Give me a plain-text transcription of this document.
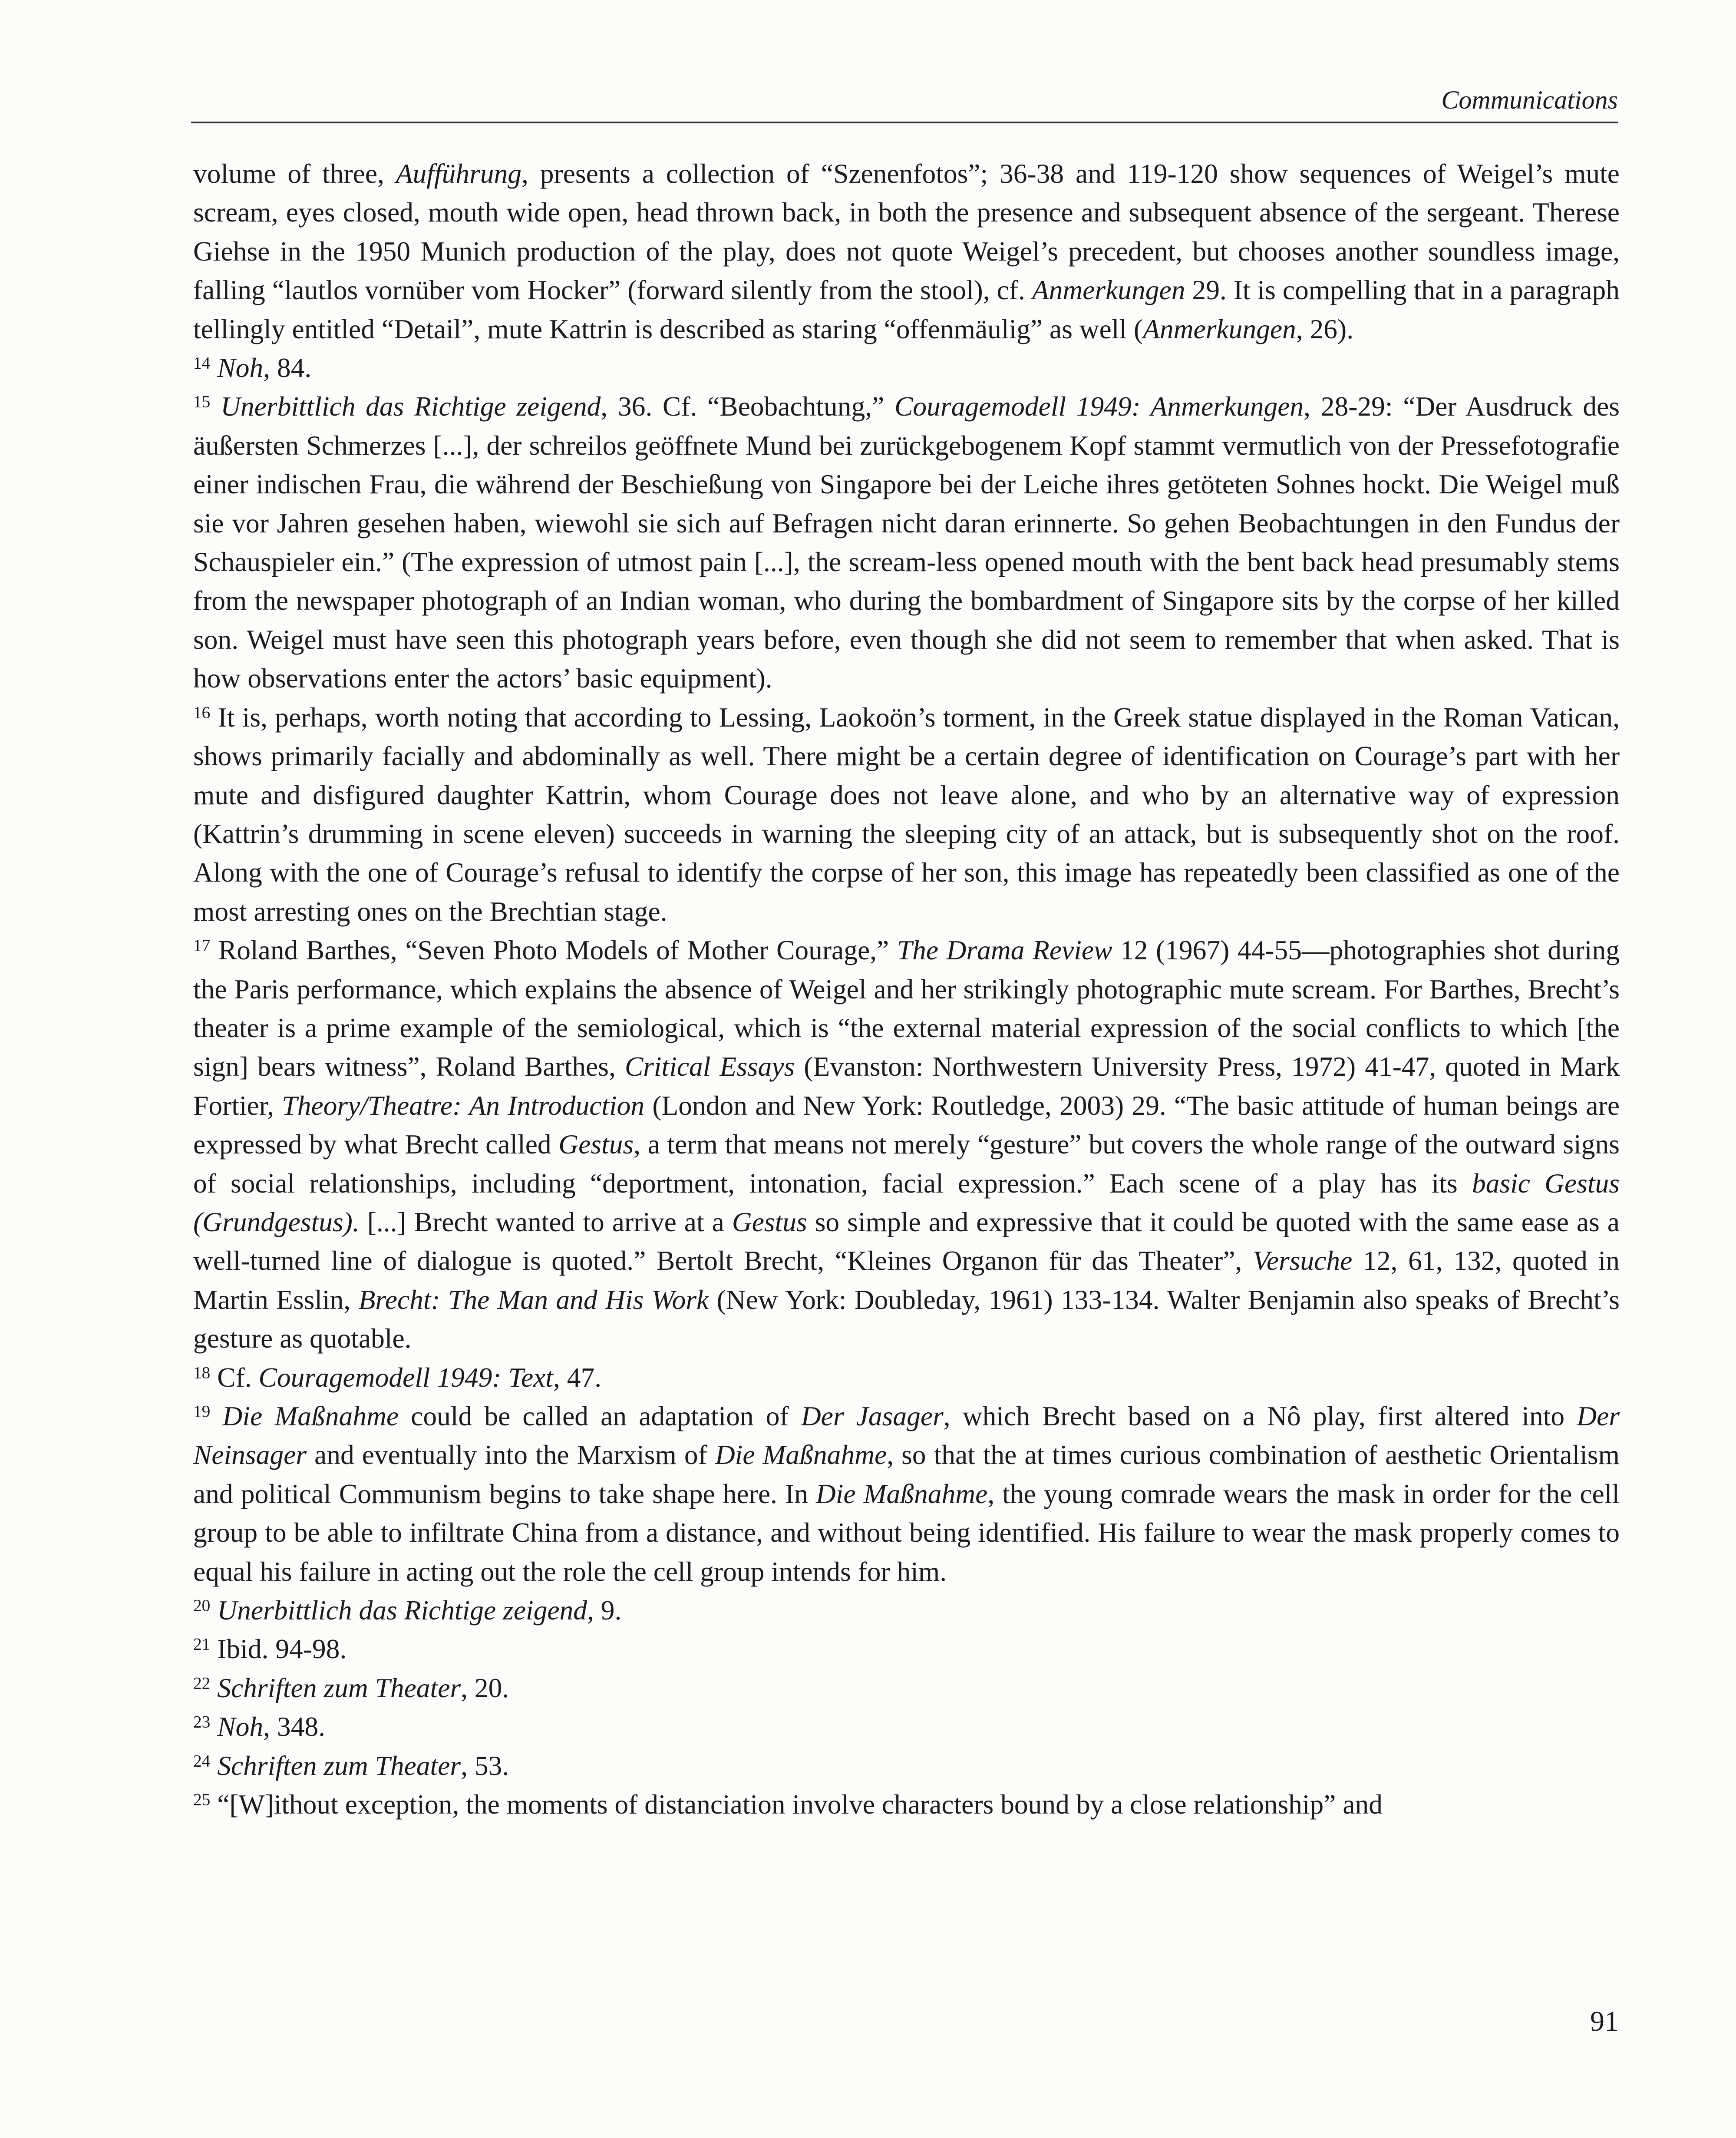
Communications

volume of three, Aufführung, presents a collection of “Szenenfotos”; 36-38 and 119-120 show sequences of Weigel’s mute scream, eyes closed, mouth wide open, head thrown back, in both the presence and subsequent absence of the sergeant. Therese Giehse in the 1950 Munich production of the play, does not quote Weigel’s precedent, but chooses another soundless image, falling “lautlos vornüber vom Hocker” (forward silently from the stool), cf. Anmerkungen 29. It is compelling that in a paragraph tellingly entitled “Detail”, mute Kattrin is described as staring “offenmäulig” as well (Anmerkungen, 26).

$^{14}$ Noh, 84.

$^{15}$ Unerbittlich das Richtige zeigend, 36. Cf. “Beobachtung,” Couragemodell 1949: Anmerkungen, 28-29: “Der Ausdruck des äußersten Schmerzes [...], der schreilos geöffnete Mund bei zurückgebogenem Kopf stammt vermutlich von der Pressefotografie einer indischen Frau, die während der Beschießung von Singapore bei der Leiche ihres getöteten Sohnes hockt. Die Weigel muß sie vor Jahren gesehen haben, wiewohl sie sich auf Befragen nicht daran erinnerte. So gehen Beobachtungen in den Fundus der Schauspieler ein.” (The expression of utmost pain [...], the scream-less opened mouth with the bent back head presumably stems from the newspaper photograph of an Indian woman, who during the bombardment of Singapore sits by the corpse of her killed son. Weigel must have seen this photograph years before, even though she did not seem to remember that when asked. That is how observations enter the actors’ basic equipment).

$^{16}$ It is, perhaps, worth noting that according to Lessing, Laokoön’s torment, in the Greek statue displayed in the Roman Vatican, shows primarily facially and abdominally as well. There might be a certain degree of identification on Courage’s part with her mute and disfigured daughter Kattrin, whom Courage does not leave alone, and who by an alternative way of expression (Kattrin’s drumming in scene eleven) succeeds in warning the sleeping city of an attack, but is subsequently shot on the roof. Along with the one of Courage’s refusal to identify the corpse of her son, this image has repeatedly been classified as one of the most arresting ones on the Brechtian stage.

$^{17}$ Roland Barthes, “Seven Photo Models of Mother Courage,” The Drama Review 12 (1967) 44-55—photographies shot during the Paris performance, which explains the absence of Weigel and her strikingly photographic mute scream. For Barthes, Brecht’s theater is a prime example of the semiological, which is “the external material expression of the social conflicts to which [the sign] bears witness”, Roland Barthes, Critical Essays (Evanston: Northwestern University Press, 1972) 41-47, quoted in Mark Fortier, Theory/Theatre: An Introduction (London and New York: Routledge, 2003) 29. “The basic attitude of human beings are expressed by what Brecht called Gestus, a term that means not merely “gesture” but covers the whole range of the outward signs of social relationships, including “deportment, intonation, facial expression.” Each scene of a play has its basic Gestus (Grundgestus). [...] Brecht wanted to arrive at a Gestus so simple and expressive that it could be quoted with the same ease as a well-turned line of dialogue is quoted.” Bertolt Brecht, “Kleines Organon für das Theater”, Versuche 12, 61, 132, quoted in Martin Esslin, Brecht: The Man and His Work (New York: Doubleday, 1961) 133-134. Walter Benjamin also speaks of Brecht’s gesture as quotable.

$^{18}$ Cf. Couragemodell 1949: Text, 47.

$^{19}$ Die Maßnahme could be called an adaptation of Der Jasager, which Brecht based on a Nô play, first altered into Der Neinsager and eventually into the Marxism of Die Maßnahme, so that the at times curious combination of aesthetic Orientalism and political Communism begins to take shape here. In Die Maßnahme, the young comrade wears the mask in order for the cell group to be able to infiltrate China from a distance, and without being identified. His failure to wear the mask properly comes to equal his failure in acting out the role the cell group intends for him.

$^{20}$ Unerbittlich das Richtige zeigend, 9.

$^{21}$ Ibid. 94-98.

$^{22}$ Schriften zum Theater, 20.

$^{23}$ Noh, 348.

$^{24}$ Schriften zum Theater, 53.

$^{25}$ “[W]ithout exception, the moments of distanciation involve characters bound by a close relationship” and

91
